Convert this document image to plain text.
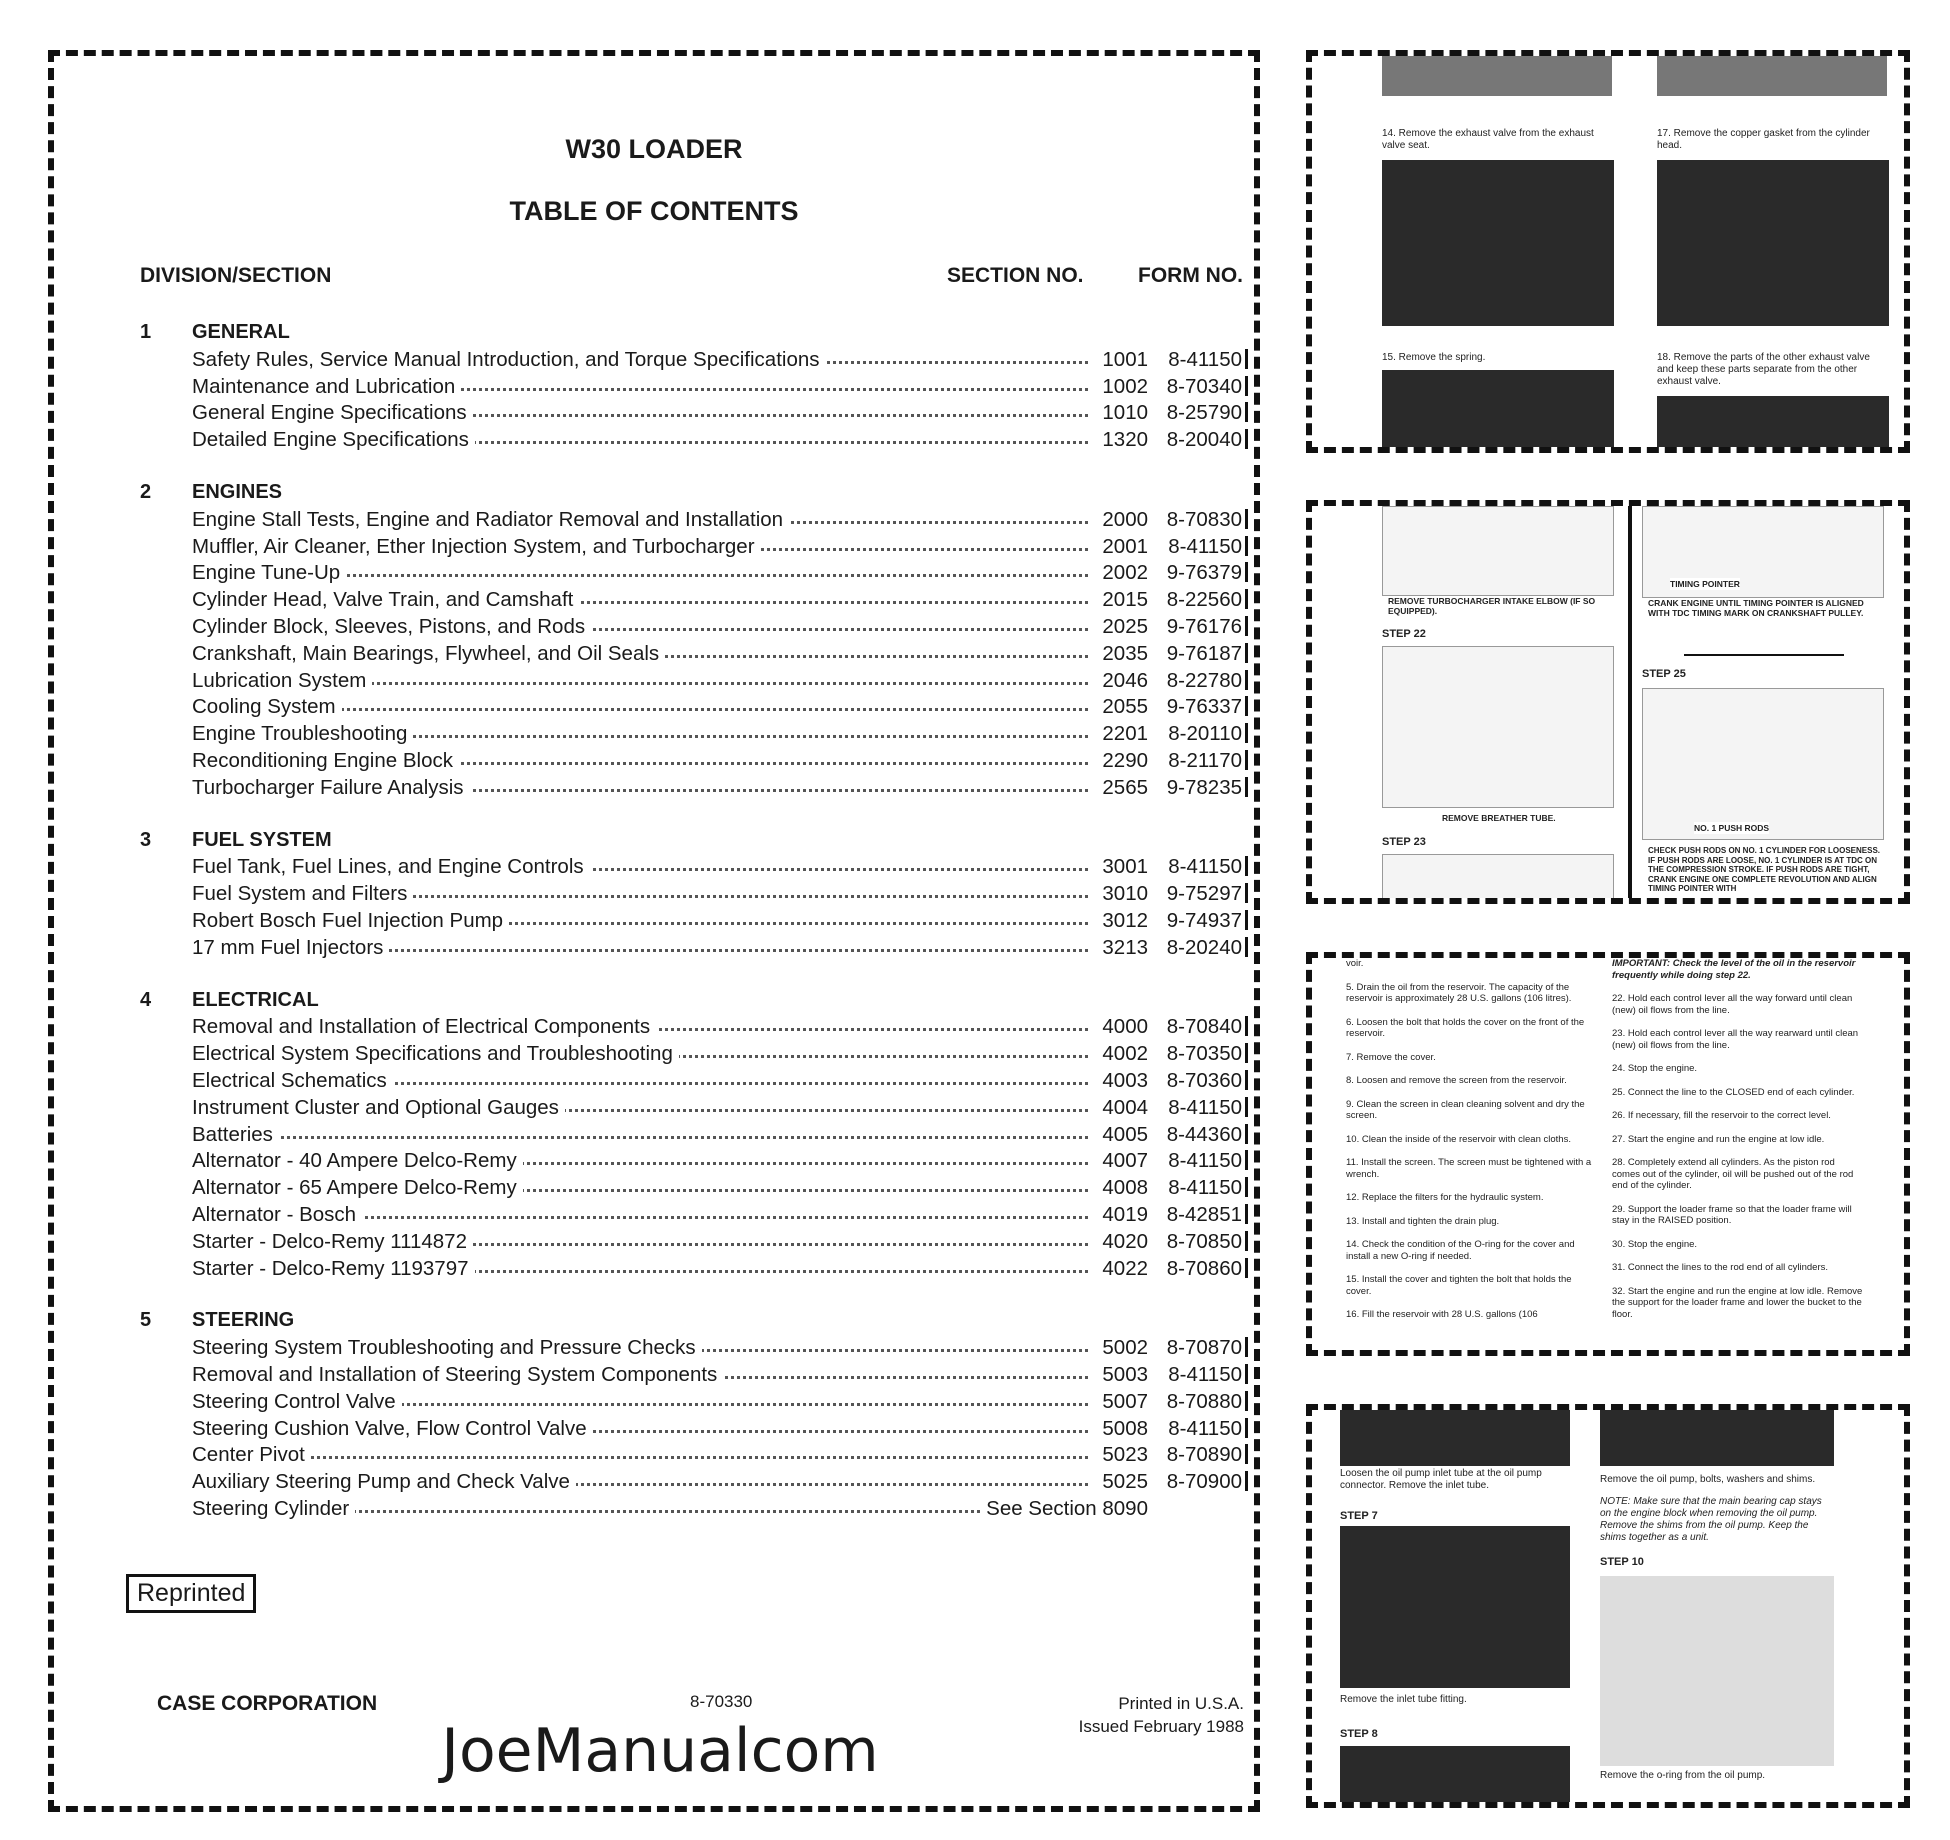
W30 LOADER
TABLE OF CONTENTS
DIVISION/SECTION	SECTION NO.	FORM NO.
1 GENERAL
Safety Rules, Service Manual Introduction, and Torque Specifications	1001 8-41150
Maintenance and Lubrication	1002 8-70340
General Engine Specifications	1010 8-25790
Detailed Engine Specifications	1320 8-20040
2 ENGINES
Engine Stall Tests, Engine and Radiator Removal and Installation	2000 8-70830
Muffler, Air Cleaner, Ether Injection System, and Turbocharger	2001 8-41150
Engine Tune-Up	2002 9-76379
Cylinder Head, Valve Train, and Camshaft	2015 8-22560
Cylinder Block, Sleeves, Pistons, and Rods	2025 9-76176
Crankshaft, Main Bearings, Flywheel, and Oil Seals	2035 9-76187
Lubrication System	2046 8-22780
Cooling System	2055 9-76337
Engine Troubleshooting	2201 8-20110
Reconditioning Engine Block	2290 8-21170
Turbocharger Failure Analysis	2565 9-78235
3 FUEL SYSTEM
Fuel Tank, Fuel Lines, and Engine Controls	3001 8-41150
Fuel System and Filters	3010 9-75297
Robert Bosch Fuel Injection Pump	3012 9-74937
17 mm Fuel Injectors	3213 8-20240
4 ELECTRICAL
Removal and Installation of Electrical Components	4000 8-70840
Electrical System Specifications and Troubleshooting	4002 8-70350
Electrical Schematics	4003 8-70360
Instrument Cluster and Optional Gauges	4004 8-41150
Batteries	4005 8-44360
Alternator - 40 Ampere Delco-Remy	4007 8-41150
Alternator - 65 Ampere Delco-Remy	4008 8-41150
Alternator - Bosch	4019 8-42851
Starter - Delco-Remy 1114872	4020 8-70850
Starter - Delco-Remy 1193797	4022 8-70860
5 STEERING
Steering System Troubleshooting and Pressure Checks	5002 8-70870
Removal and Installation of Steering System Components	5003 8-41150
Steering Control Valve	5007 8-70880
Steering Cushion Valve, Flow Control Valve	5008 8-41150
Center Pivot	5023 8-70890
Auxiliary Steering Pump and Check Valve	5025 8-70900
Steering Cylinder	See Section 8090
Reprinted
CASE CORPORATION	8-70330	Printed in U.S.A.
Issued February 1988
JoeManualcom
14. Remove the exhaust valve from the exhaust valve seat.
17. Remove the copper gasket from the cylinder head.
15. Remove the spring.	18. Remove the parts of the other exhaust valve and keep these parts separate from the other exhaust valve.
REMOVE TURBOCHARGER INTAKE ELBOW (IF SO EQUIPPED).
STEP 22
REMOVE BREATHER TUBE.
STEP 23
TIMING POINTER
CRANK ENGINE UNTIL TIMING POINTER IS ALIGNED WITH TDC TIMING MARK ON CRANKSHAFT PULLEY.
STEP 25
NO. 1 PUSH RODS
CHECK PUSH RODS ON NO. 1 CYLINDER FOR LOOSENESS. IF PUSH RODS ARE LOOSE, NO. 1 CYLINDER IS AT TDC ON THE COMPRESSION STROKE. IF PUSH RODS ARE TIGHT, CRANK ENGINE ONE COMPLETE REVOLUTION AND ALIGN TIMING POINTER WITH

voir.

5. Drain the oil from the reservoir. The capacity of the reservoir is approximately 28 U.S. gallons (106 litres).

6. Loosen the bolt that holds the cover on the front of the reservoir.

7. Remove the cover.

8. Loosen and remove the screen from the reservoir.

9. Clean the screen in clean cleaning solvent and dry the screen.

10. Clean the inside of the reservoir with clean cloths.

11. Install the screen. The screen must be tightened with a wrench.

12. Replace the filters for the hydraulic system.

13. Install and tighten the drain plug.

14. Check the condition of the O-ring for the cover and install a new O-ring if needed.

15. Install the cover and tighten the bolt that holds the cover.

16. Fill the reservoir with 28 U.S. gallons (106

IMPORTANT: Check the level of the oil in the reservoir frequently while doing step 22.

22. Hold each control lever all the way forward until clean (new) oil flows from the line.

23. Hold each control lever all the way rearward until clean (new) oil flows from the line.

24. Stop the engine.

25. Connect the line to the CLOSED end of each cylinder.

26. If necessary, fill the reservoir to the correct level.

27. Start the engine and run the engine at low idle.

28. Completely extend all cylinders. As the piston rod comes out of the cylinder, oil will be pushed out of the rod end of the cylinder.

29. Support the loader frame so that the loader frame will stay in the RAISED position.

30. Stop the engine.

31. Connect the lines to the rod end of all cylinders.

32. Start the engine and run the engine at low idle. Remove the support for the loader frame and lower the bucket to the floor.

Loosen the oil pump inlet tube at the oil pump connector. Remove the inlet tube.
STEP 7
Remove the inlet tube fitting.
STEP 8
Remove the oil pump, bolts, washers and shims.
NOTE: Make sure that the main bearing cap stays on the engine block when removing the oil pump. Remove the shims from the oil pump. Keep the shims together as a unit.
STEP 10
Remove the o-ring from the oil pump.
